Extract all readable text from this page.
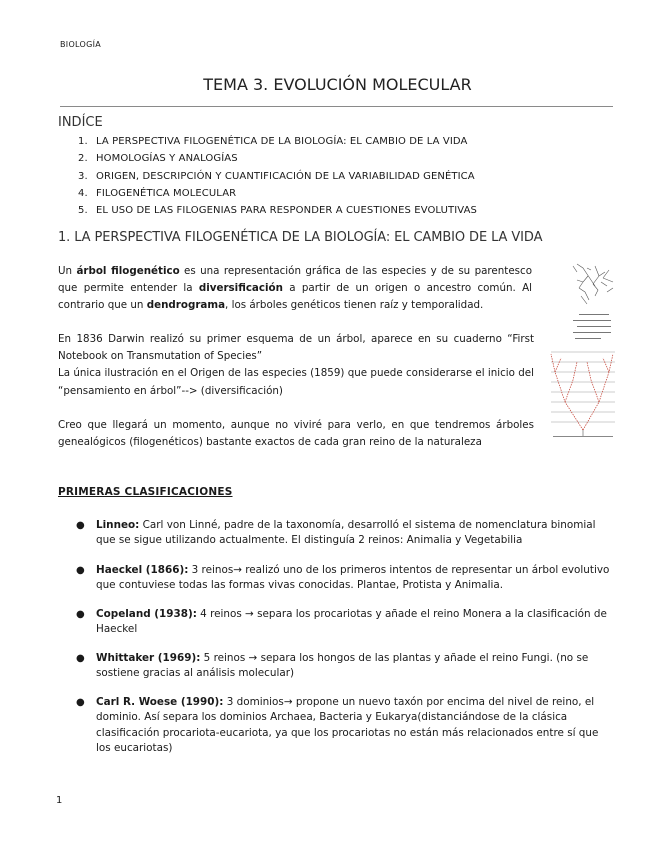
BIOLOGÍA
TEMA 3. EVOLUCIÓN MOLECULAR
INDÍCE
1. LA PERSPECTIVA FILOGENÉTICA DE LA BIOLOGÍA: EL CAMBIO DE LA VIDA
2. HOMOLOGÍAS Y ANALOGÍAS
3. ORIGEN, DESCRIPCIÓN Y CUANTIFICACIÓN DE LA VARIABILIDAD GENÉTICA
4. FILOGENÉTICA MOLECULAR
5. EL USO DE LAS FILOGENIAS PARA RESPONDER A CUESTIONES EVOLUTIVAS
1. LA PERSPECTIVA FILOGENÉTICA DE LA BIOLOGÍA: EL CAMBIO DE LA VIDA

Un árbol filogenético es una representación gráfica de las especies y de su parentesco que permite entender la diversificación a partir de un origen o ancestro común. Al contrario que un dendrograma, los árboles genéticos tienen raíz y temporalidad.

En 1836 Darwin realizó su primer esquema de un árbol, aparece en su cuaderno “First Notebook on Transmutation of Species”
La única ilustración en el Origen de las especies (1859) que puede considerarse el inicio del “pensamiento en árbol”--> (diversificación)

Creo que llegará un momento, aunque no viviré para verlo, en que tendremos árboles genealógicos (filogenéticos) bastante exactos de cada gran reino de la naturaleza

PRIMERAS CLASIFICACIONES
● Linneo: Carl von Linné, padre de la taxonomía, desarrolló el sistema de nomenclatura binomial que se sigue utilizando actualmente. El distinguía 2 reinos: Animalia y Vegetabilia
● Haeckel (1866): 3 reinos→ realizó uno de los primeros intentos de representar un árbol evolutivo que contuviese todas las formas vivas conocidas. Plantae, Protista y Animalia.
● Copeland (1938): 4 reinos → separa los procariotas y añade el reino Monera a la clasificación de Haeckel
● Whittaker (1969): 5 reinos → separa los hongos de las plantas y añade el reino Fungi. (no se sostiene gracias al análisis molecular)
● Carl R. Woese (1990): 3 dominios→ propone un nuevo taxón por encima del nivel de reino, el dominio. Así separa los dominios Archaea, Bacteria y Eukarya(distanciándose de la clásica clasificación procariota-eucariota, ya que los procariotas no están más relacionados entre sí que los eucariotas)
1
